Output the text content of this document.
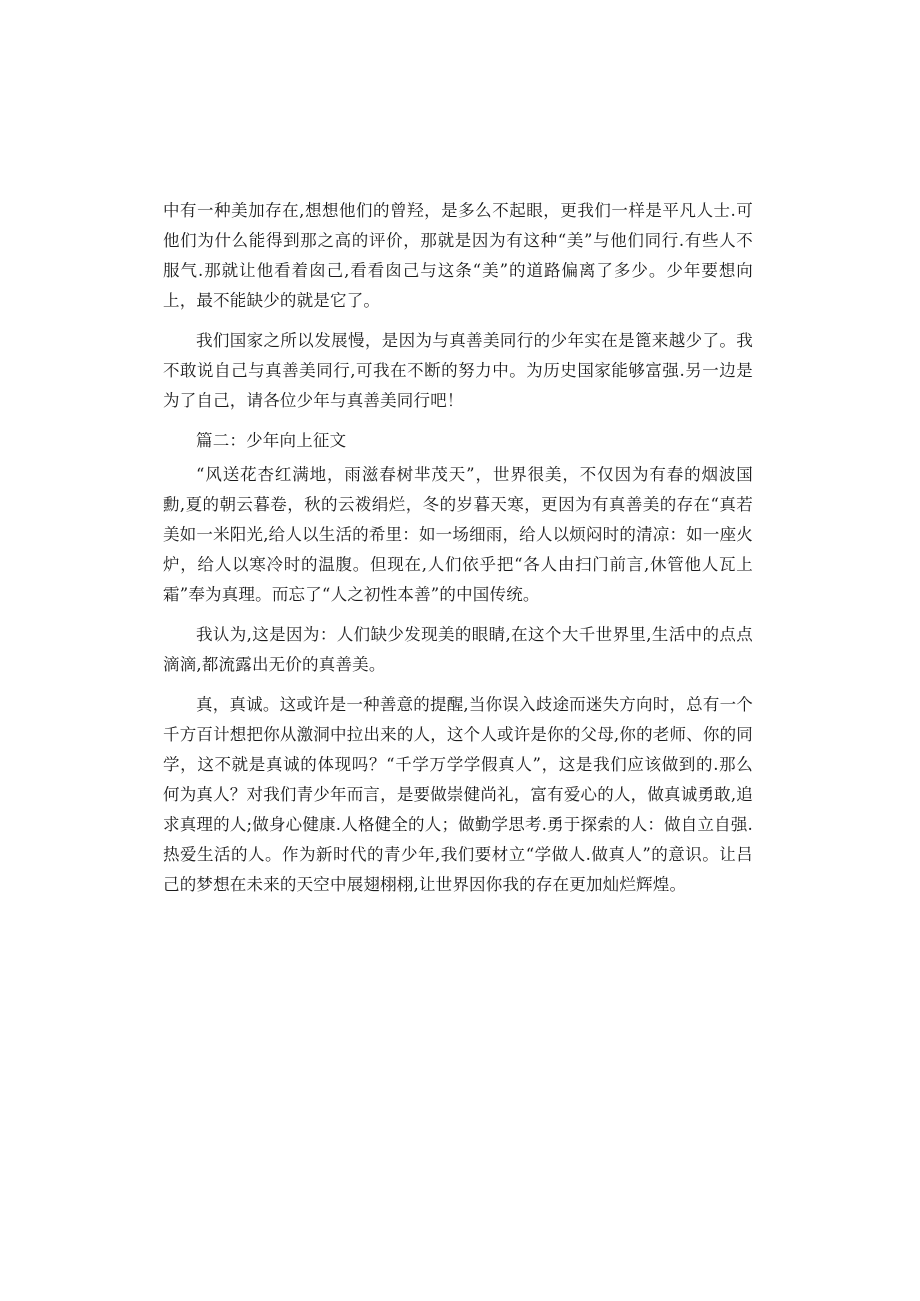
中有一种美加存在,想想他们的曾羟，是多么不起眼，更我们一样是平凡人士.可他们为什么能得到那之高的评价，那就是因为有这种“美”与他们同行.有些人不服气.那就让他看着囱己,看看囱己与这条“美”的道路偏离了多少。少年要想向上，最不能缺少的就是它了。

我们国家之所以发展慢，是因为与真善美同行的少年实在是篦来越少了。我不敢说自己与真善美同行,可我在不断的努力中。为历史国家能够富强.另一边是为了自己，请各位少年与真善美同行吧！

篇二：少年向上征文

“风送花杏红满地，雨滋春树芈茂天”，世界很美，不仅因为有春的烟波国勳,夏的朝云暮卷，秋的云袯绢烂，冬的岁暮天寒，更因为有真善美的存在“真若美如一米阳光,给人以生活的希里：如一场细雨，给人以烦闷时的清凉：如一座火炉，给人以寒冷时的温腹。但现在,人们依乎把“各人由扫门前言,休管他人瓦上霜”奉为真理。而忘了“人之初性本善”的中国传统。

我认为,这是因为：人们缺少发现美的眼睛,在这个大千世界里,生活中的点点滴滴,都流露出无价的真善美。

真，真诚。这或许是一种善意的提醒,当你误入歧途而迷失方向时，总有一个千方百计想把你从激洞中拉出来的人，这个人或许是你的父母,你的老师、你的同学，这不就是真诚的体现吗？“千学万学学假真人”，这是我们应该做到的.那么何为真人？对我们青少年而言，是要做崇健尚礼，富有爱心的人，做真诚勇敢,追求真理的人;做身心健康.人格健全的人；做勤学思考.勇于探索的人：做自立自强.热爱生活的人。作为新时代的青少年,我们要材立“学做人.做真人”的意识。让吕己的梦想在未来的天空中展翅栩栩,让世界因你我的存在更加灿烂辉煌。
